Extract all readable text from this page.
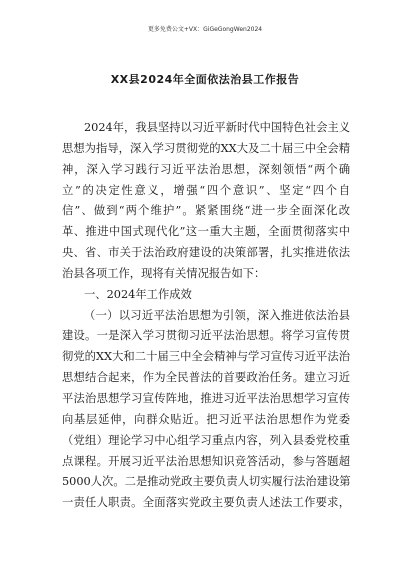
更多免费公文+VX：GiGeGongWen2024
XX县2024年全面依法治县工作报告
2024年，我县坚持以习近平新时代中国特色社会主义
思想为指导，深入学习贯彻党的XX大及二十届三中全会精
神，深入学习践行习近平法治思想，深刻领悟“两个确
立”的决定性意义，增强“四个意识”、坚定“四个自
信”、做到“两个维护”。紧紧围绕“进一步全面深化改
革、推进中国式现代化”这一重大主题，全面贯彻落实中
央、省、市关于法治政府建设的决策部署，扎实推进依法
治县各项工作，现将有关情况报告如下：
一、2024年工作成效
（一）以习近平法治思想为引领，深入推进依法治县
建设。一是深入学习贯彻习近平法治思想。将学习宣传贯
彻党的XX大和二十届三中全会精神与学习宣传习近平法治
思想结合起来，作为全民普法的首要政治任务。建立习近
平法治思想学习宣传阵地，推进习近平法治思想学习宣传
向基层延伸，向群众贴近。把习近平法治思想作为党委
（党组）理论学习中心组学习重点内容，列入县委党校重
点课程。开展习近平法治思想知识竞答活动，参与答题超
5000人次。二是推动党政主要负责人切实履行法治建设第
一责任人职责。全面落实党政主要负责人述法工作要求，
